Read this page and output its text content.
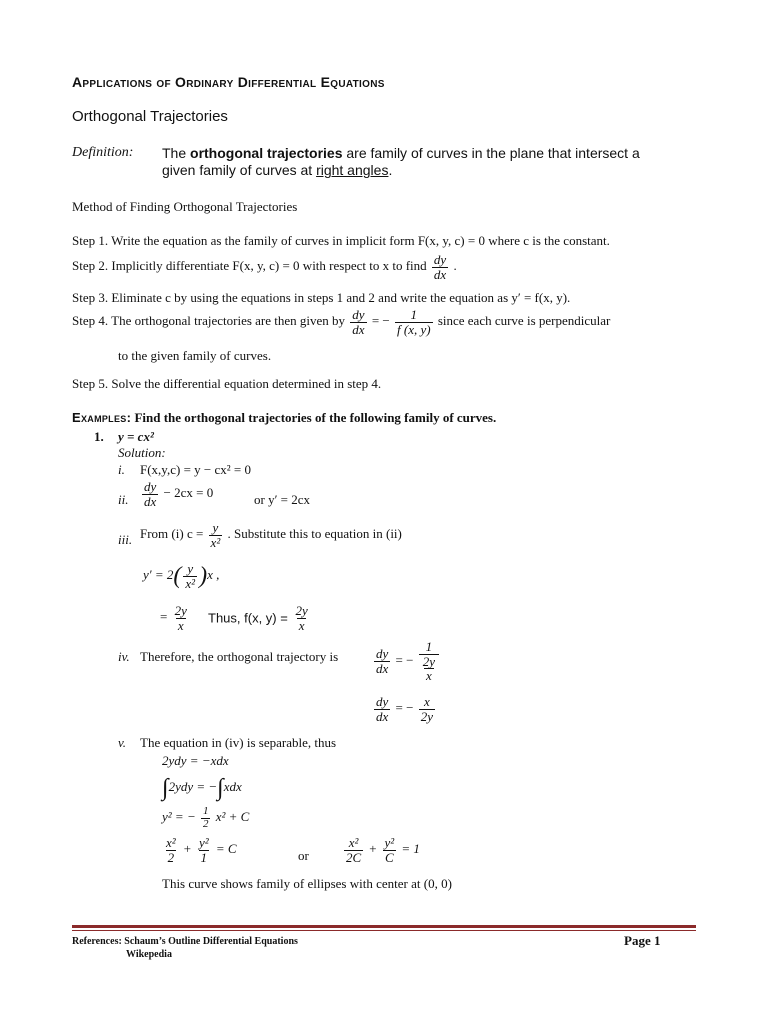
Applications of Ordinary Differential Equations
Orthogonal Trajectories
Definition: The orthogonal trajectories are family of curves in the plane that intersect a
given family of curves at right angles.
Method of Finding Orthogonal Trajectories
Step 1. Write the equation as the family of curves in implicit form F(x, y, c) = 0 where c is the constant.
Step 2. Implicitly differentiate F(x, y, c) = 0 with respect to x to find $\frac{dy}{dx}$ .
Step 3. Eliminate c by using the equations in steps 1 and 2 and write the equation as y′ = f(x, y).
Step 4. The orthogonal trajectories are then given by $\frac{dy}{dx}$ = − $\frac{1}{f (x, y)}$ since each curve is perpendicular
to the given family of curves.
Step 5. Solve the differential equation determined in step 4.
Examples: Find the orthogonal trajectories of the following family of curves.
1. y = cx²
Solution:
i. F(x,y,c) = y − cx² = 0
ii. $\frac{dy}{dx} - 2cx = 0$	or y′ = 2cx
iii. From (i) $c = \frac{y}{\text{x²}}$ . Substitute this to equation in (ii)
$y' = 2( \frac{y}{\text{x²}} )x$ ,
= $\frac{2y}{x}$ Thus, f(x, $y) = \frac{2y}{x}$
iv. Therefore, the orthogonal trajectory is	$\frac{dy}{dx}$ = − $\frac{1}{\frac{2y}{x}}$
$\frac{dy}{dx}$ = − $\frac{x}{2y}$
v. The equation in (iv) is separable, thus
2ydy = −xdx
∫2ydy = −∫xdx
y² = − $\frac{1}{2} x^2 + C$
$\frac{\text{x²}}{2} + \frac{\text{y²}}{1} = C$	or	$\frac{\text{x²}}{2C} + \frac{\text{y²}}{C} = 1$
This curve shows family of ellipses with center at (0, 0)
References: Schaum’s Outline Differential Equations
Wikepedia
Page 1
